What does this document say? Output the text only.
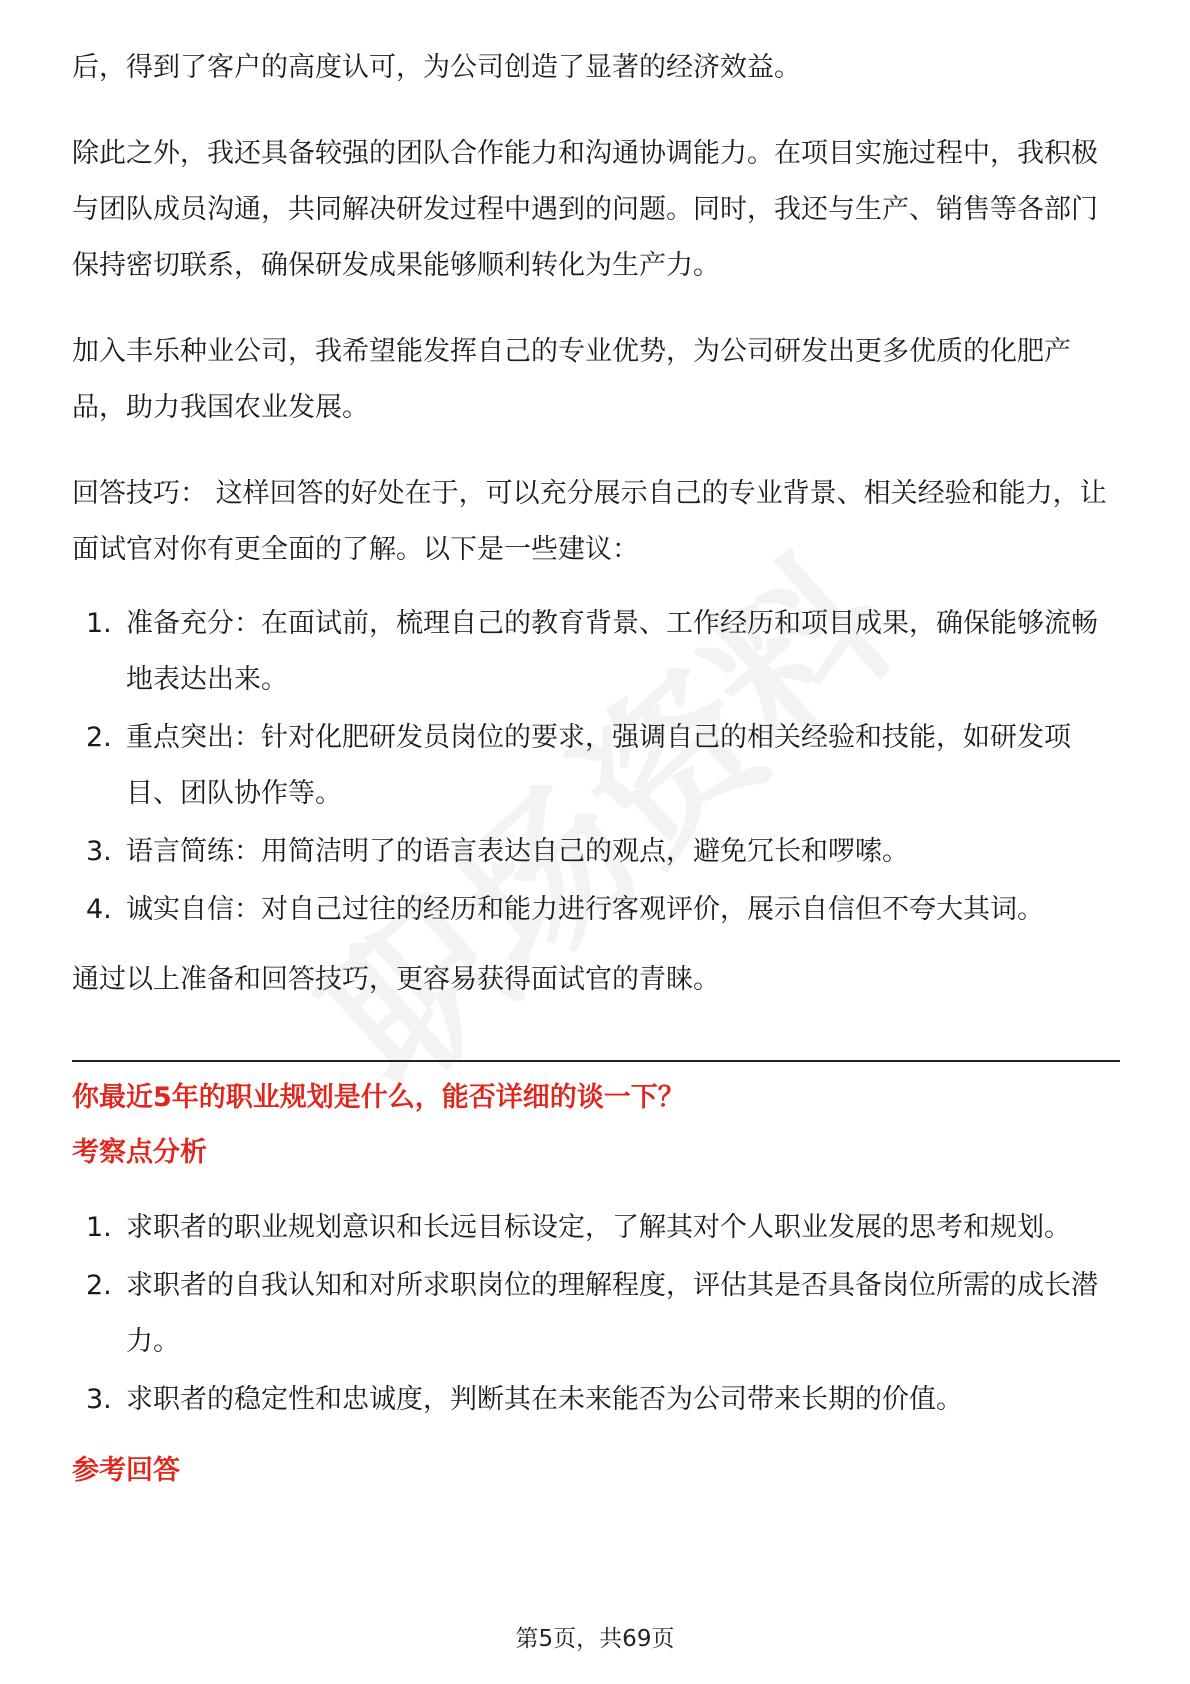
后，得到了客户的高度认可，为公司创造了显著的经济效益。

除此之外，我还具备较强的团队合作能力和沟通协调能力。在项目实施过程中，我积极与团队成员沟通，共同解决研发过程中遇到的问题。同时，我还与生产、销售等各部门保持密切联系，确保研发成果能够顺利转化为生产力。

加入丰乐种业公司，我希望能发挥自己的专业优势，为公司研发出更多优质的化肥产品，助力我国农业发展。

回答技巧： 这样回答的好处在于，可以充分展示自己的专业背景、相关经验和能力，让面试官对你有更全面的了解。以下是一些建议：

1. 准备充分：在面试前，梳理自己的教育背景、工作经历和项目成果，确保能够流畅地表达出来。
2. 重点突出：针对化肥研发员岗位的要求，强调自己的相关经验和技能，如研发项目、团队协作等。
3. 语言简练：用简洁明了的语言表达自己的观点，避免冗长和啰嗦。
4. 诚实自信：对自己过往的经历和能力进行客观评价，展示自信但不夸大其词。

通过以上准备和回答技巧，更容易获得面试官的青睐。

你最近5年的职业规划是什么，能否详细的谈一下？
考察点分析
1. 求职者的职业规划意识和长远目标设定，了解其对个人职业发展的思考和规划。
2. 求职者的自我认知和对所求职岗位的理解程度，评估其是否具备岗位所需的成长潜力。
3. 求职者的稳定性和忠诚度，判断其在未来能否为公司带来长期的价值。
参考回答
第5页，共69页
